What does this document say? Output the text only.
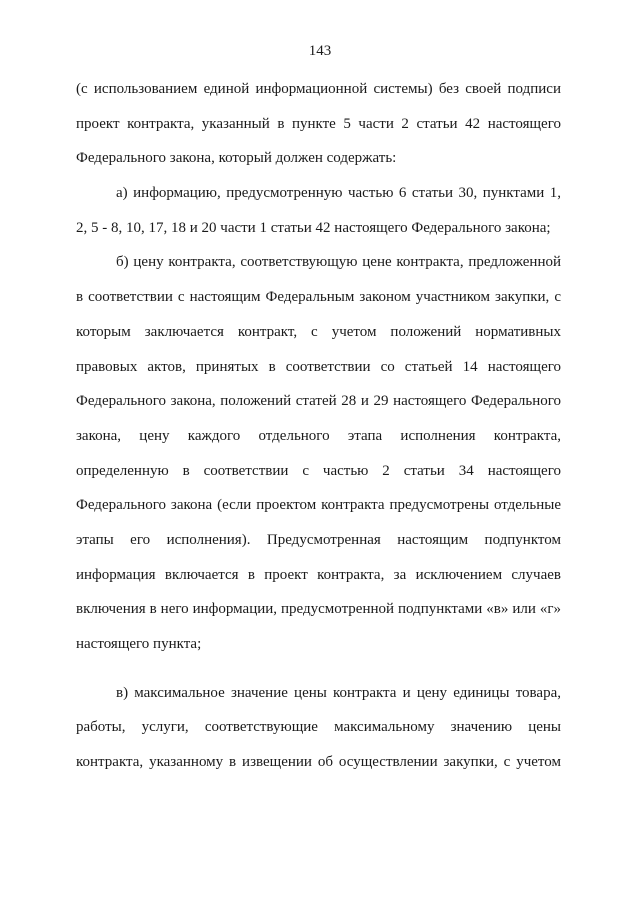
143
(с использованием единой информационной системы) без своей подписи
проект контракта, указанный в пункте 5 части 2 статьи 42 настоящего
Федерального закона, который должен содержать:
а) информацию, предусмотренную частью 6 статьи 30, пунктами 1,
2, 5 - 8, 10, 17, 18 и 20 части 1 статьи 42 настоящего Федерального закона;
б) цену контракта, соответствующую цене контракта, предложенной
в соответствии с настоящим Федеральным законом участником закупки, с
которым заключается контракт, с учетом положений нормативных
правовых актов, принятых в соответствии со статьей 14 настоящего
Федерального закона, положений статей 28 и 29 настоящего Федерального
закона, цену каждого отдельного этапа исполнения контракта,
определенную в соответствии с частью 2 статьи 34 настоящего
Федерального закона (если проектом контракта предусмотрены отдельные
этапы его исполнения). Предусмотренная настоящим подпунктом
информация включается в проект контракта, за исключением случаев
включения в него информации, предусмотренной подпунктами «в» или «г»
настоящего пункта;
в) максимальное значение цены контракта и цену единицы товара,
работы, услуги, соответствующие максимальному значению цены
контракта, указанному в извещении об осуществлении закупки, с учетом
